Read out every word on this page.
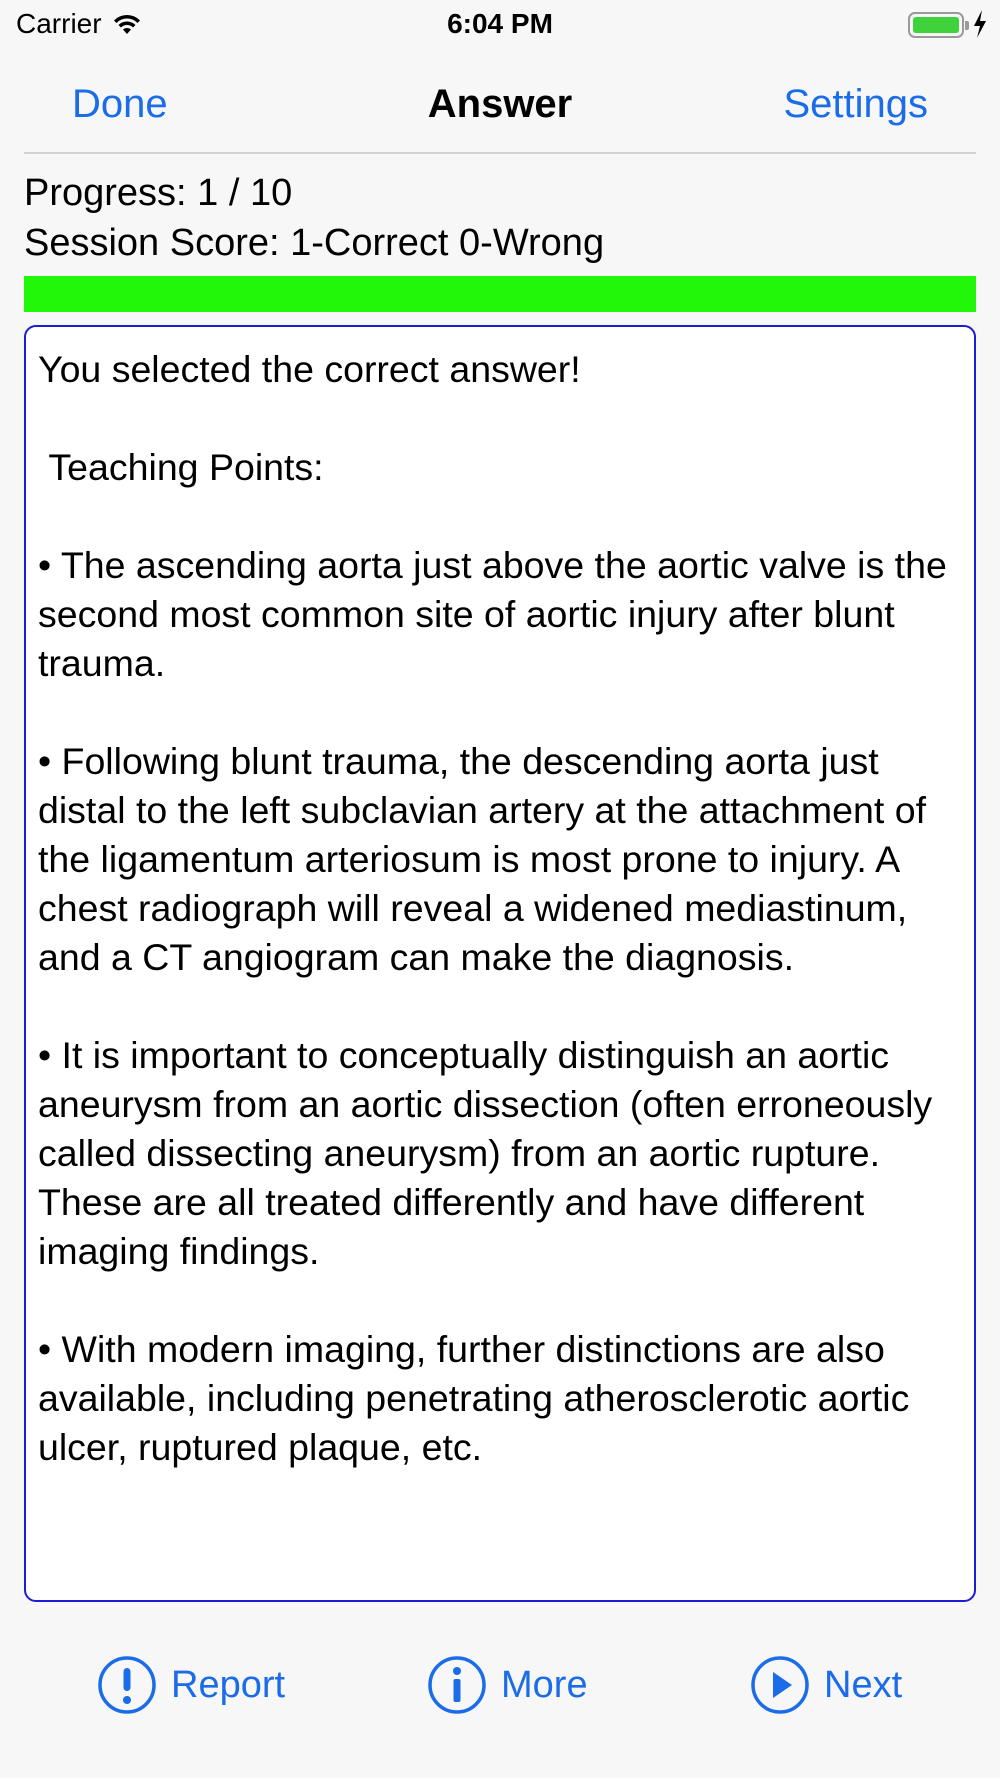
Carrier	6:04 PM
Done	Answer	Settings
Progress: 1 / 10
Session Score: 1-Correct 0-Wrong

You selected the correct answer!

Teaching Points:

• The ascending aorta just above the aortic valve is the second most common site of aortic injury after blunt trauma.

• Following blunt trauma, the descending aorta just distal to the left subclavian artery at the attachment of the ligamentum arteriosum is most prone to injury. A chest radiograph will reveal a widened mediastinum, and a CT angiogram can make the diagnosis.

• It is important to conceptually distinguish an aortic aneurysm from an aortic dissection (often erroneously called dissecting aneurysm) from an aortic rupture. These are all treated differently and have different imaging findings.

• With modern imaging, further distinctions are also available, including penetrating atherosclerotic aortic ulcer, ruptured plaque, etc.

Report	More	Next
